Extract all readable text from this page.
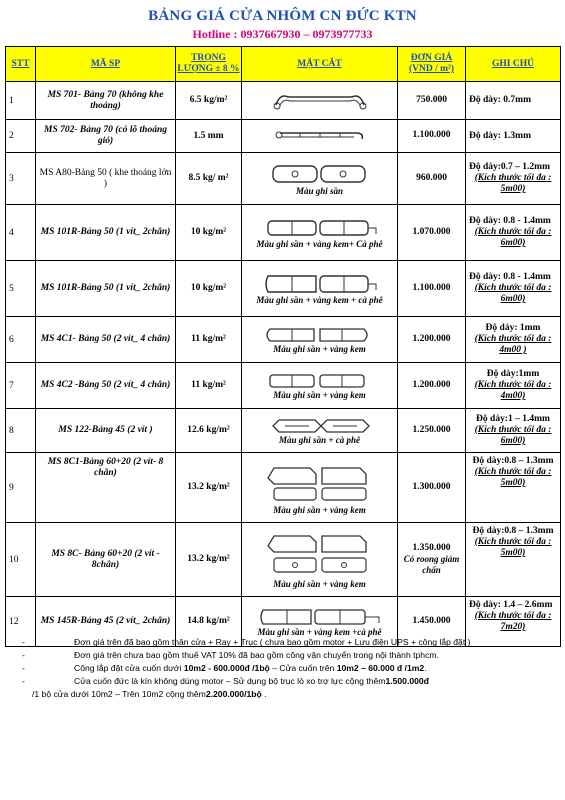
BẢNG GIÁ CỬA NHÔM CN ĐỨC KTN
Hotline : 0937667930 – 0973977733
STT	MÃ SP	TRỌNG LƯỢNG ± 8 %	MẶT CẮT	ĐƠN GIÁ (VND / m²)	GHI CHÚ
1	MS 701- Bảng 70 (không khe thoáng)	6.5 kg/m²		750.000	Độ dày: 0.7mm

2	MS 702- Bảng 70 (có lỗ thoáng gió)	1.5 mm		1.100.000	Độ dày: 1.3mm

3	MS A80-Bảng 50 ( khe thoáng lớn )	8.5 kg/ m²	Màu ghi sần	960.000	Độ dày:0.7 – 1.2mm
(Kích thước tối đa : 5m00)

4	MS 101R-Bảng 50 (1 vít_ 2chân)	10 kg/m²	Màu ghi sần + vàng kem+ Cà phê	1.070.000	Độ dày: 0.8 - 1.4mm
(Kích thước tối đa : 6m00)

5	MS 101R-Bảng 50 (1 vít_ 2chân)	10 kg/m²	Màu ghi sần + vàng kem + cà phê	1.100.000	Độ dày: 0.8 - 1.4mm
(Kích thước tối đa : 6m00)

6	MS 4C1- Bảng 50 (2 vít_ 4 chân)	11 kg/m²	Màu ghi sần + vàng kem	1.200.000	Độ dày: 1mm
(Kích thước tối đa : 4m00 )

7	MS 4C2 -Bảng 50 (2 vít_ 4 chân)	11 kg/m²	Màu ghi sần + vàng kem	1.200.000	Độ dày:1mm
(Kích thước tối đa : 4m00)

8	MS 122-Bảng 45 (2 vít )	12.6 kg/m²	Màu ghi sần + cà phê	1.250.000	Độ dày:1 – 1.4mm
(Kích thước tối đa : 6m00)

9	MS 8C1-Bảng 60+20 (2 vít- 8 chân)	13.2 kg/m²	Màu ghi sần + vàng kem	1.300.000	Độ dày:0.8 – 1.3mm
(Kích thước tối đa : 5m00)

10	MS 8C- Bảng 60+20 (2 vít - 8chân)	13.2 kg/m²	Màu ghi sần + vàng kem	1.350.000
Có roong giảm chấn	Độ dày:0.8 – 1.3mm
(Kích thước tối đa : 5m00)

12	MS 145R-Bảng 45 (2 vít_ 2chân)	14.8 kg/m²	Màu ghi sần + vàng kem +cà phê	1.450.000	Độ dày: 1.4 – 2.6mm
(Kích thước tối đa : 7m20)
-	Đơn giá trên đã bao gồm thân cửa + Ray + Trục ( chưa bao gồm motor + Lưu điện UPS + công lắp đặt )
-	Đơn giá trên chưa bao gồm thuế VAT 10% đã bao gồm công vận chuyển trong nội thành tphcm.
-	Công lắp đặt cửa cuốn dưới 10m2 - 600.000đ /1bộ – Cửa cuốn trên 10m2 – 60.000 đ /1m2.
-	Cửa cuốn đức là kín không dùng motor – Sử dụng bộ trục lò xo trợ lực cộng thêm1.500.000đ
/1 bộ cửa dưới 10m2 – Trên 10m2 cộng thêm2.200.000/1bộ .
